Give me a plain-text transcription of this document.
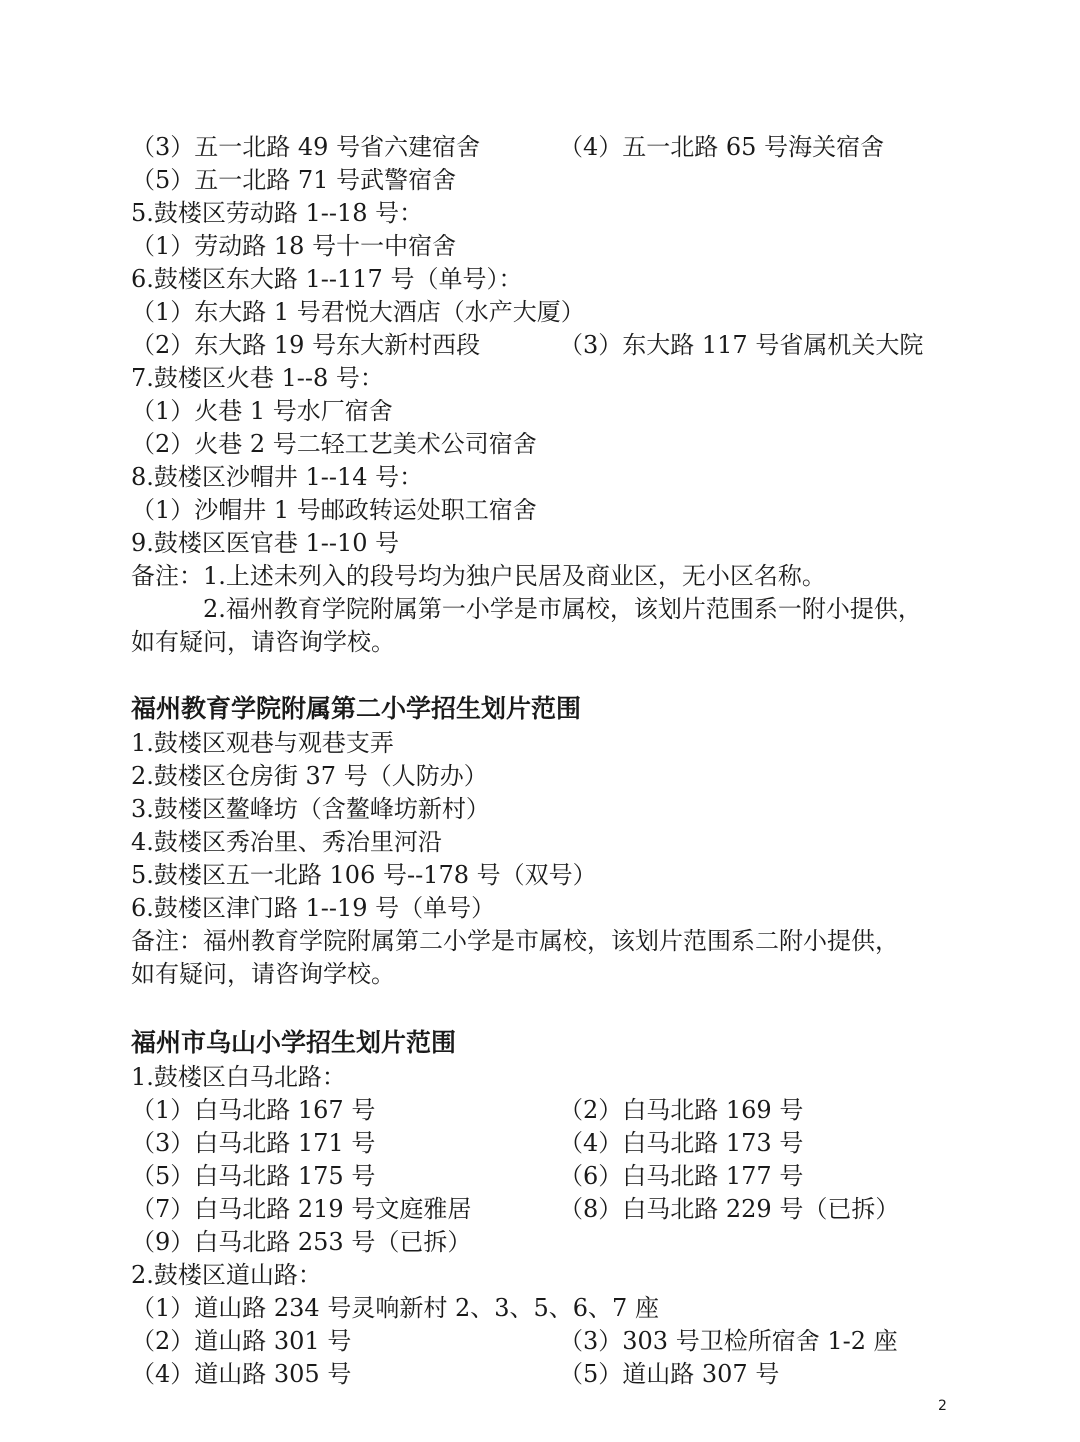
（3）五一北路 49 号省六建宿舍	（4）五一北路 65 号海关宿舍
（5）五一北路 71 号武警宿舍
5.鼓楼区劳动路 1--18 号：
（1）劳动路 18 号十一中宿舍
6.鼓楼区东大路 1--117 号（单号）：
（1）东大路 1 号君悦大酒店（水产大厦）
（2）东大路 19 号东大新村西段	（3）东大路 117 号省属机关大院
7.鼓楼区火巷 1--8 号：
（1）火巷 1 号水厂宿舍
（2）火巷 2 号二轻工艺美术公司宿舍
8.鼓楼区沙帽井 1--14 号：
（1）沙帽井 1 号邮政转运处职工宿舍
9.鼓楼区医官巷 1--10 号
备注：1.上述未列入的段号均为独户民居及商业区，无小区名称。
2.福州教育学院附属第一小学是市属校，该划片范围系一附小提供，
如有疑问，请咨询学校。
福州教育学院附属第二小学招生划片范围
1.鼓楼区观巷与观巷支弄
2.鼓楼区仓房街 37 号（人防办）
3.鼓楼区鳌峰坊（含鳌峰坊新村）
4.鼓楼区秀冶里、秀冶里河沿
5.鼓楼区五一北路 106 号--178 号（双号）
6.鼓楼区津门路 1--19 号（单号）
备注：福州教育学院附属第二小学是市属校，该划片范围系二附小提供，
如有疑问，请咨询学校。
福州市乌山小学招生划片范围
1.鼓楼区白马北路：
（1）白马北路 167 号	（2）白马北路 169 号
（3）白马北路 171 号	（4）白马北路 173 号
（5）白马北路 175 号	（6）白马北路 177 号
（7）白马北路 219 号文庭雅居	（8）白马北路 229 号（已拆）
（9）白马北路 253 号（已拆）
2.鼓楼区道山路：
（1）道山路 234 号灵响新村 2、3、5、6、7 座
（2）道山路 301 号	（3）303 号卫检所宿舍 1-2 座
（4）道山路 305 号	（5）道山路 307 号
2
